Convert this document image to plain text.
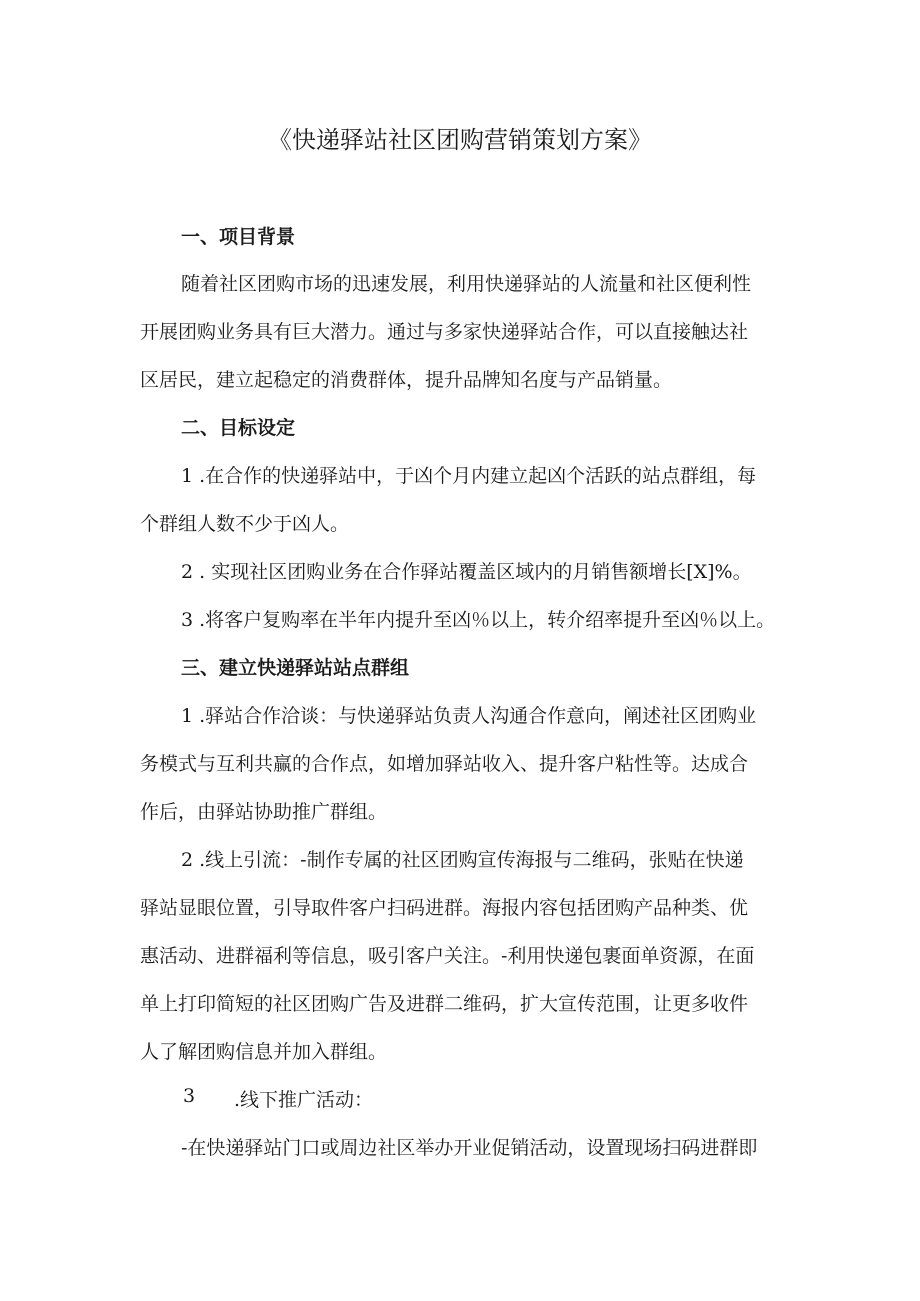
《快递驿站社区团购营销策划方案》
一、项目背景
随着社区团购市场的迅速发展，利用快递驿站的人流量和社区便利性
开展团购业务具有巨大潜力。通过与多家快递驿站合作，可以直接触达社
区居民，建立起稳定的消费群体，提升品牌知名度与产品销量。
二、目标设定
1 .在合作的快递驿站中，于凶个月内建立起凶个活跃的站点群组，每
个群组人数不少于凶人。
2 . 实现社区团购业务在合作驿站覆盖区域内的月销售额增长[X]%。
3 .将客户复购率在半年内提升至凶％以上，转介绍率提升至凶％以上。
三、建立快递驿站站点群组
1 .驿站合作洽谈：与快递驿站负责人沟通合作意向，阐述社区团购业
务模式与互利共赢的合作点，如增加驿站收入、提升客户粘性等。达成合
作后，由驿站协助推广群组。
2 .线上引流：-制作专属的社区团购宣传海报与二维码，张贴在快递
驿站显眼位置，引导取件客户扫码进群。海报内容包括团购产品种类、优
惠活动、进群福利等信息，吸引客户关注。-利用快递包裹面单资源，在面
单上打印简短的社区团购广告及进群二维码，扩大宣传范围，让更多收件
人了解团购信息并加入群组。
3 .线下推广活动：
-在快递驿站门口或周边社区举办开业促销活动，设置现场扫码进群即
